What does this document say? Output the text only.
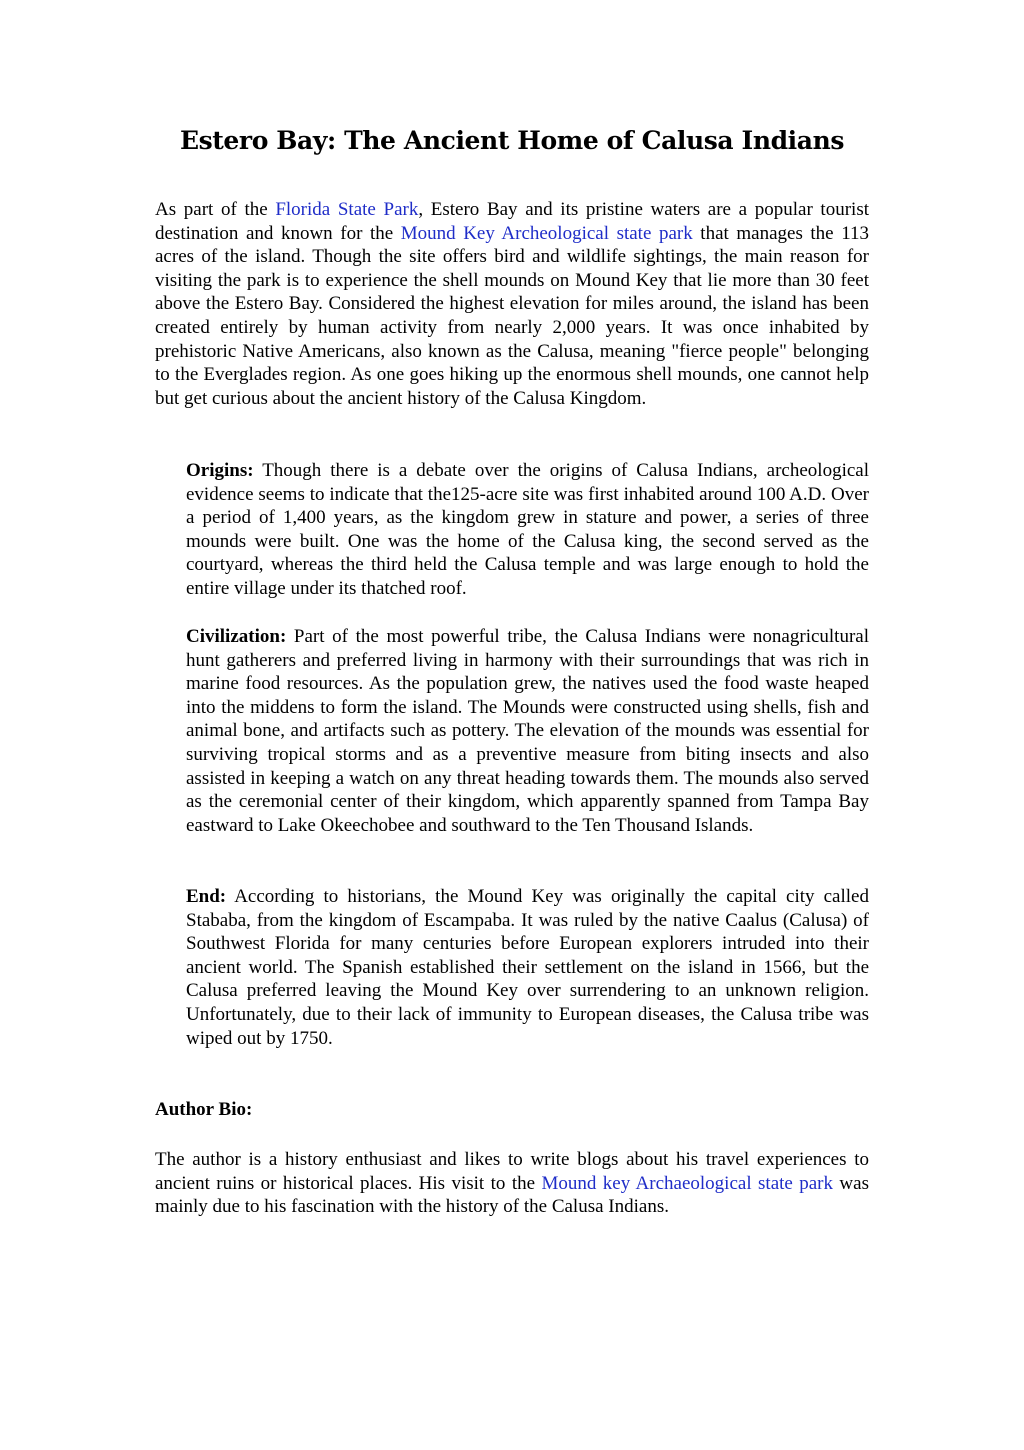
Estero Bay: The Ancient Home of Calusa Indians

As part of the Florida State Park, Estero Bay and its pristine waters are a popular tourist destination and known for the Mound Key Archeological state park that manages the 113 acres of the island. Though the site offers bird and wildlife sightings, the main reason for visiting the park is to experience the shell mounds on Mound Key that lie more than 30 feet above the Estero Bay. Considered the highest elevation for miles around, the island has been created entirely by human activity from nearly 2,000 years. It was once inhabited by prehistoric Native Americans, also known as the Calusa, meaning "fierce people" belonging to the Everglades region. As one goes hiking up the enormous shell mounds, one cannot help but get curious about the ancient history of the Calusa Kingdom.

Origins: Though there is a debate over the origins of Calusa Indians, archeological evidence seems to indicate that the125-acre site was first inhabited around 100 A.D. Over a period of 1,400 years, as the kingdom grew in stature and power, a series of three mounds were built. One was the home of the Calusa king, the second served as the courtyard, whereas the third held the Calusa temple and was large enough to hold the entire village under its thatched roof.

Civilization: Part of the most powerful tribe, the Calusa Indians were nonagricultural hunt gatherers and preferred living in harmony with their surroundings that was rich in marine food resources. As the population grew, the natives used the food waste heaped into the middens to form the island. The Mounds were constructed using shells, fish and animal bone, and artifacts such as pottery. The elevation of the mounds was essential for surviving tropical storms and as a preventive measure from biting insects and also assisted in keeping a watch on any threat heading towards them. The mounds also served as the ceremonial center of their kingdom, which apparently spanned from Tampa Bay eastward to Lake Okeechobee and southward to the Ten Thousand Islands.

End: According to historians, the Mound Key was originally the capital city called Stababa, from the kingdom of Escampaba. It was ruled by the native Caalus (Calusa) of Southwest Florida for many centuries before European explorers intruded into their ancient world. The Spanish established their settlement on the island in 1566, but the Calusa preferred leaving the Mound Key over surrendering to an unknown religion. Unfortunately, due to their lack of immunity to European diseases, the Calusa tribe was wiped out by 1750.

Author Bio:

The author is a history enthusiast and likes to write blogs about his travel experiences to ancient ruins or historical places. His visit to the Mound key Archaeological state park was mainly due to his fascination with the history of the Calusa Indians.
